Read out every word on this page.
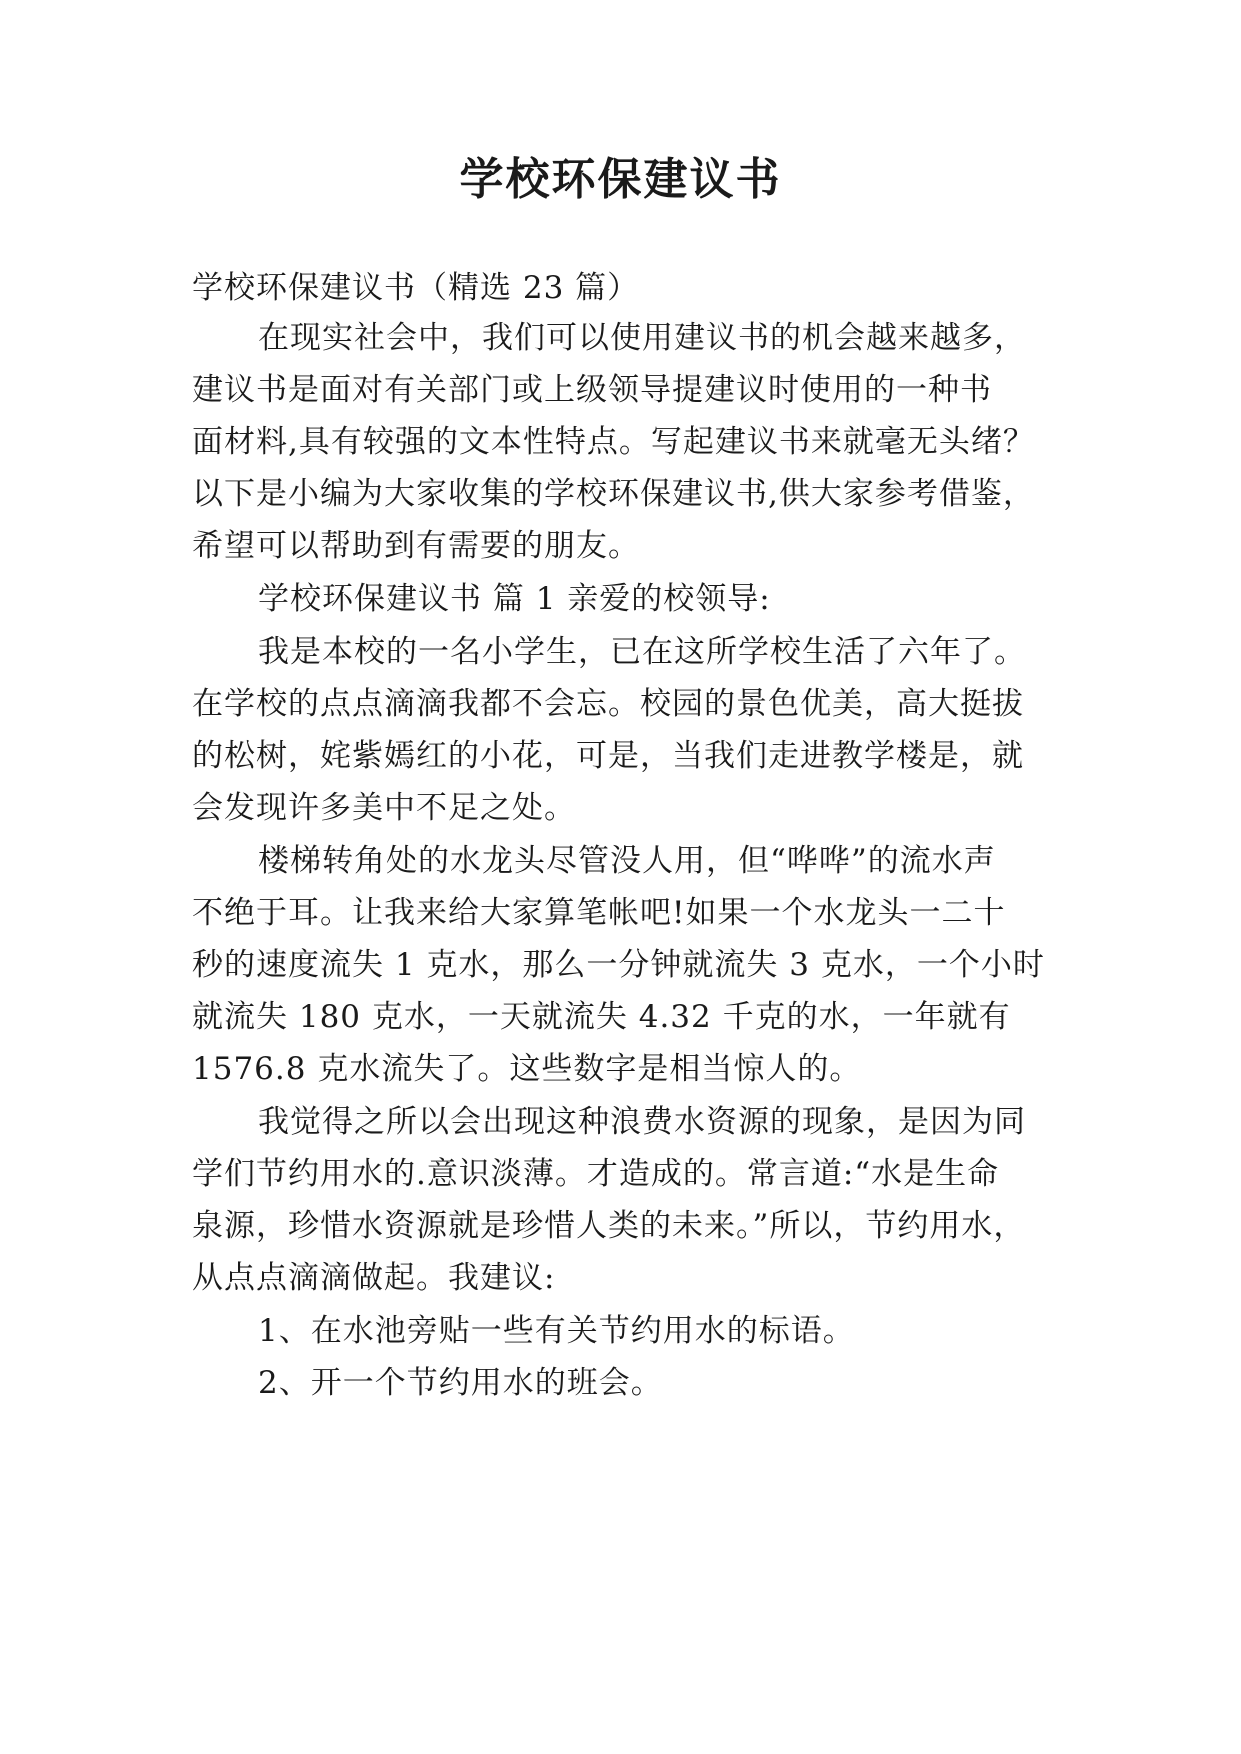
学校环保建议书
学校环保建议书（精选 23 篇）
在现实社会中，我们可以使用建议书的机会越来越多，
建议书是面对有关部门或上级领导提建议时使用的一种书
面材料,具有较强的文本性特点。写起建议书来就毫无头绪？
以下是小编为大家收集的学校环保建议书,供大家参考借鉴，
希望可以帮助到有需要的朋友。
学校环保建议书 篇 1 亲爱的校领导:
我是本校的一名小学生，已在这所学校生活了六年了。
在学校的点点滴滴我都不会忘。校园的景色优美，高大挺拔
的松树，姹紫嫣红的小花，可是，当我们走进教学楼是，就
会发现许多美中不足之处。
楼梯转角处的水龙头尽管没人用，但“哗哗”的流水声
不绝于耳。让我来给大家算笔帐吧!如果一个水龙头一二十
秒的速度流失 1 克水，那么一分钟就流失 3 克水，一个小时
就流失 180 克水，一天就流失 4.32 千克的水，一年就有
1576.8 克水流失了。这些数字是相当惊人的。
我觉得之所以会出现这种浪费水资源的现象，是因为同
学们节约用水的.意识淡薄。才造成的。常言道:“水是生命
泉源，珍惜水资源就是珍惜人类的未来。”所以，节约用水，
从点点滴滴做起。我建议:
1、在水池旁贴一些有关节约用水的标语。
2、开一个节约用水的班会。
